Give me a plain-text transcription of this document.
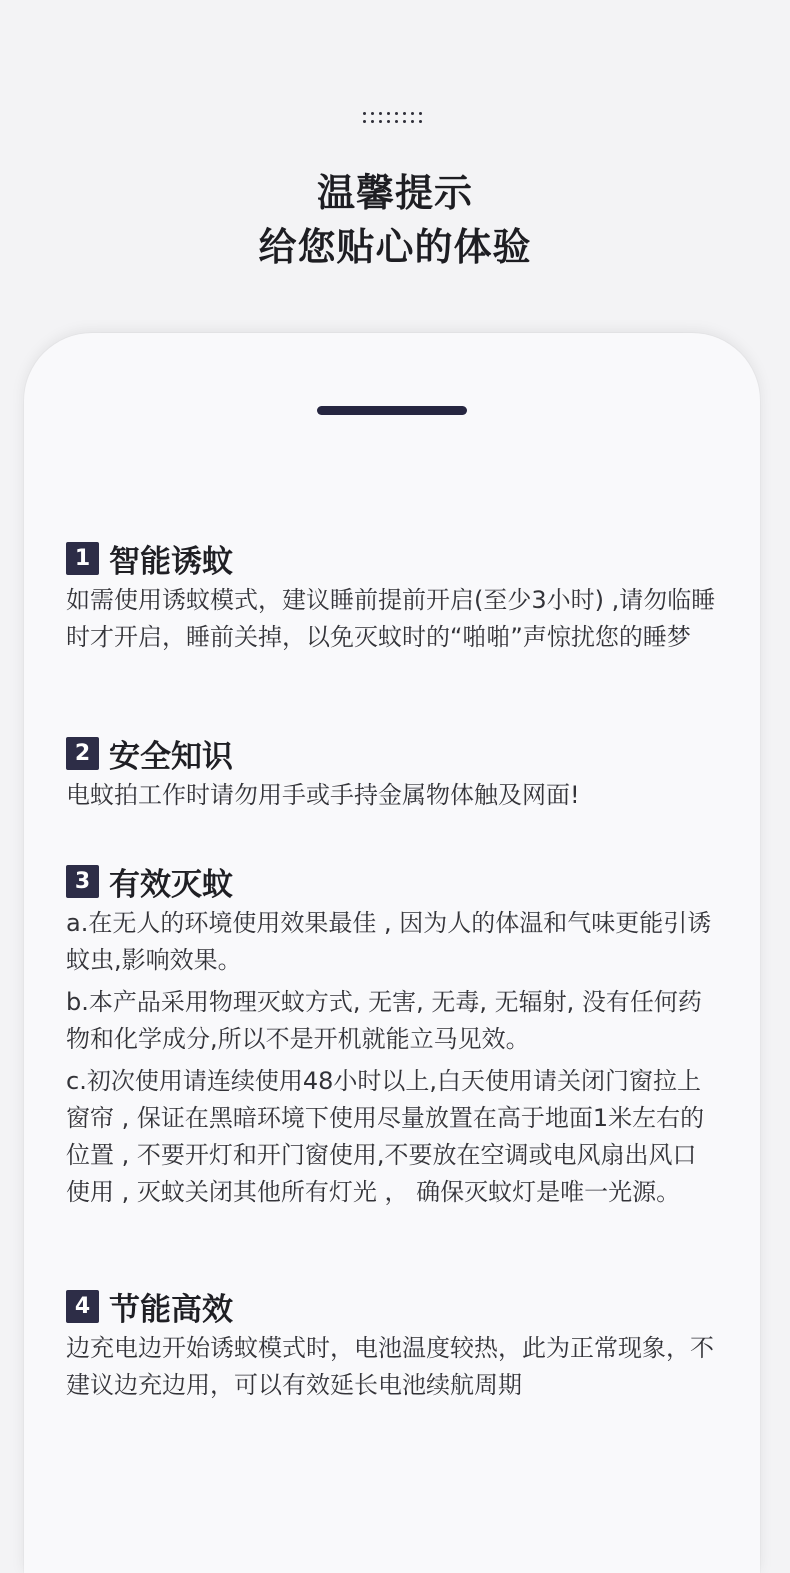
温馨提示
给您贴心的体验
1 智能诱蚊
如需使用诱蚊模式，建议睡前提前开启(至少3小时) ,请勿临睡时才开启，睡前关掉，以免灭蚊时的“啪啪”声惊扰您的睡梦
2 安全知识
电蚊拍工作时请勿用手或手持金属物体触及网面!
3 有效灭蚊
a.在无人的环境使用效果最佳 , 因为人的体温和气味更能引诱蚊虫,影响效果。
b.本产品采用物理灭蚊方式, 无害, 无毒, 无辐射, 没有任何药物和化学成分,所以不是开机就能立马见效。
c.初次使用请连续使用48小时以上,白天使用请关闭门窗拉上窗帘 , 保证在黑暗环境下使用尽量放置在高于地面1米左右的位置 , 不要开灯和开门窗使用,不要放在空调或电风扇出风口使用 , 灭蚊关闭其他所有灯光 ， 确保灭蚊灯是唯一光源。
4 节能高效
边充电边开始诱蚊模式时，电池温度较热，此为正常现象，不建议边充边用，可以有效延长电池续航周期
